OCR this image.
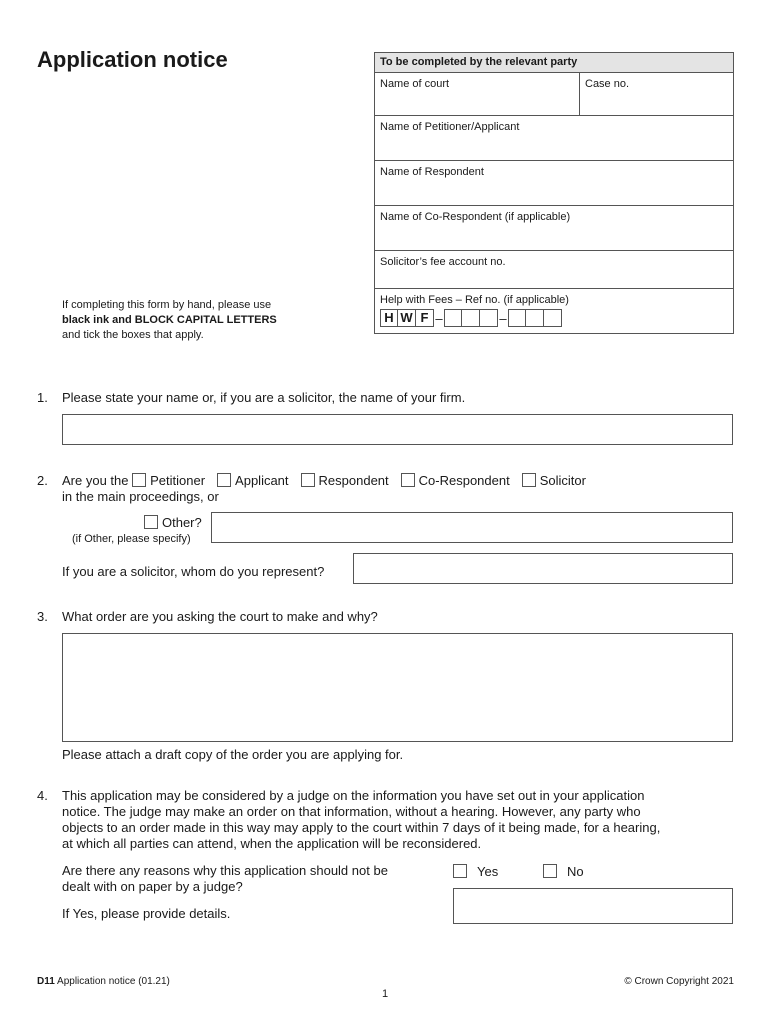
Application notice	To be completed by the relevant party
Name of court	Case no.
Name of Petitioner/Applicant
Name of Respondent
Name of Co-Respondent (if applicable)
Solicitor’s fee account no.
Help with Fees – Ref no. (if applicable)
H W F –	–
If completing this form by hand, please use
black ink and BLOCK CAPITAL LETTERS
and tick the boxes that apply.
1. Please state your name or, if you are a solicitor, the name of your firm.
2. Are you the Petitioner Applicant Respondent Co-Respondent Solicitor
in the main proceedings, or
Other?
(if Other, please specify)
If you are a solicitor, whom do you represent?
3. What order are you asking the court to make and why?
Please attach a draft copy of the order you are applying for.
4. This application may be considered by a judge on the information you have set out in your application
notice. The judge may make an order on that information, without a hearing. However, any party who
objects to an order made in this way may apply to the court within 7 days of it being made, for a hearing,
at which all parties can attend, when the application will be reconsidered.
Are there any reasons why this application should not be
dealt with on paper by a judge?
Yes	No
If Yes, please provide details.
D11 Application notice (01.21)	© Crown Copyright 2021
1
